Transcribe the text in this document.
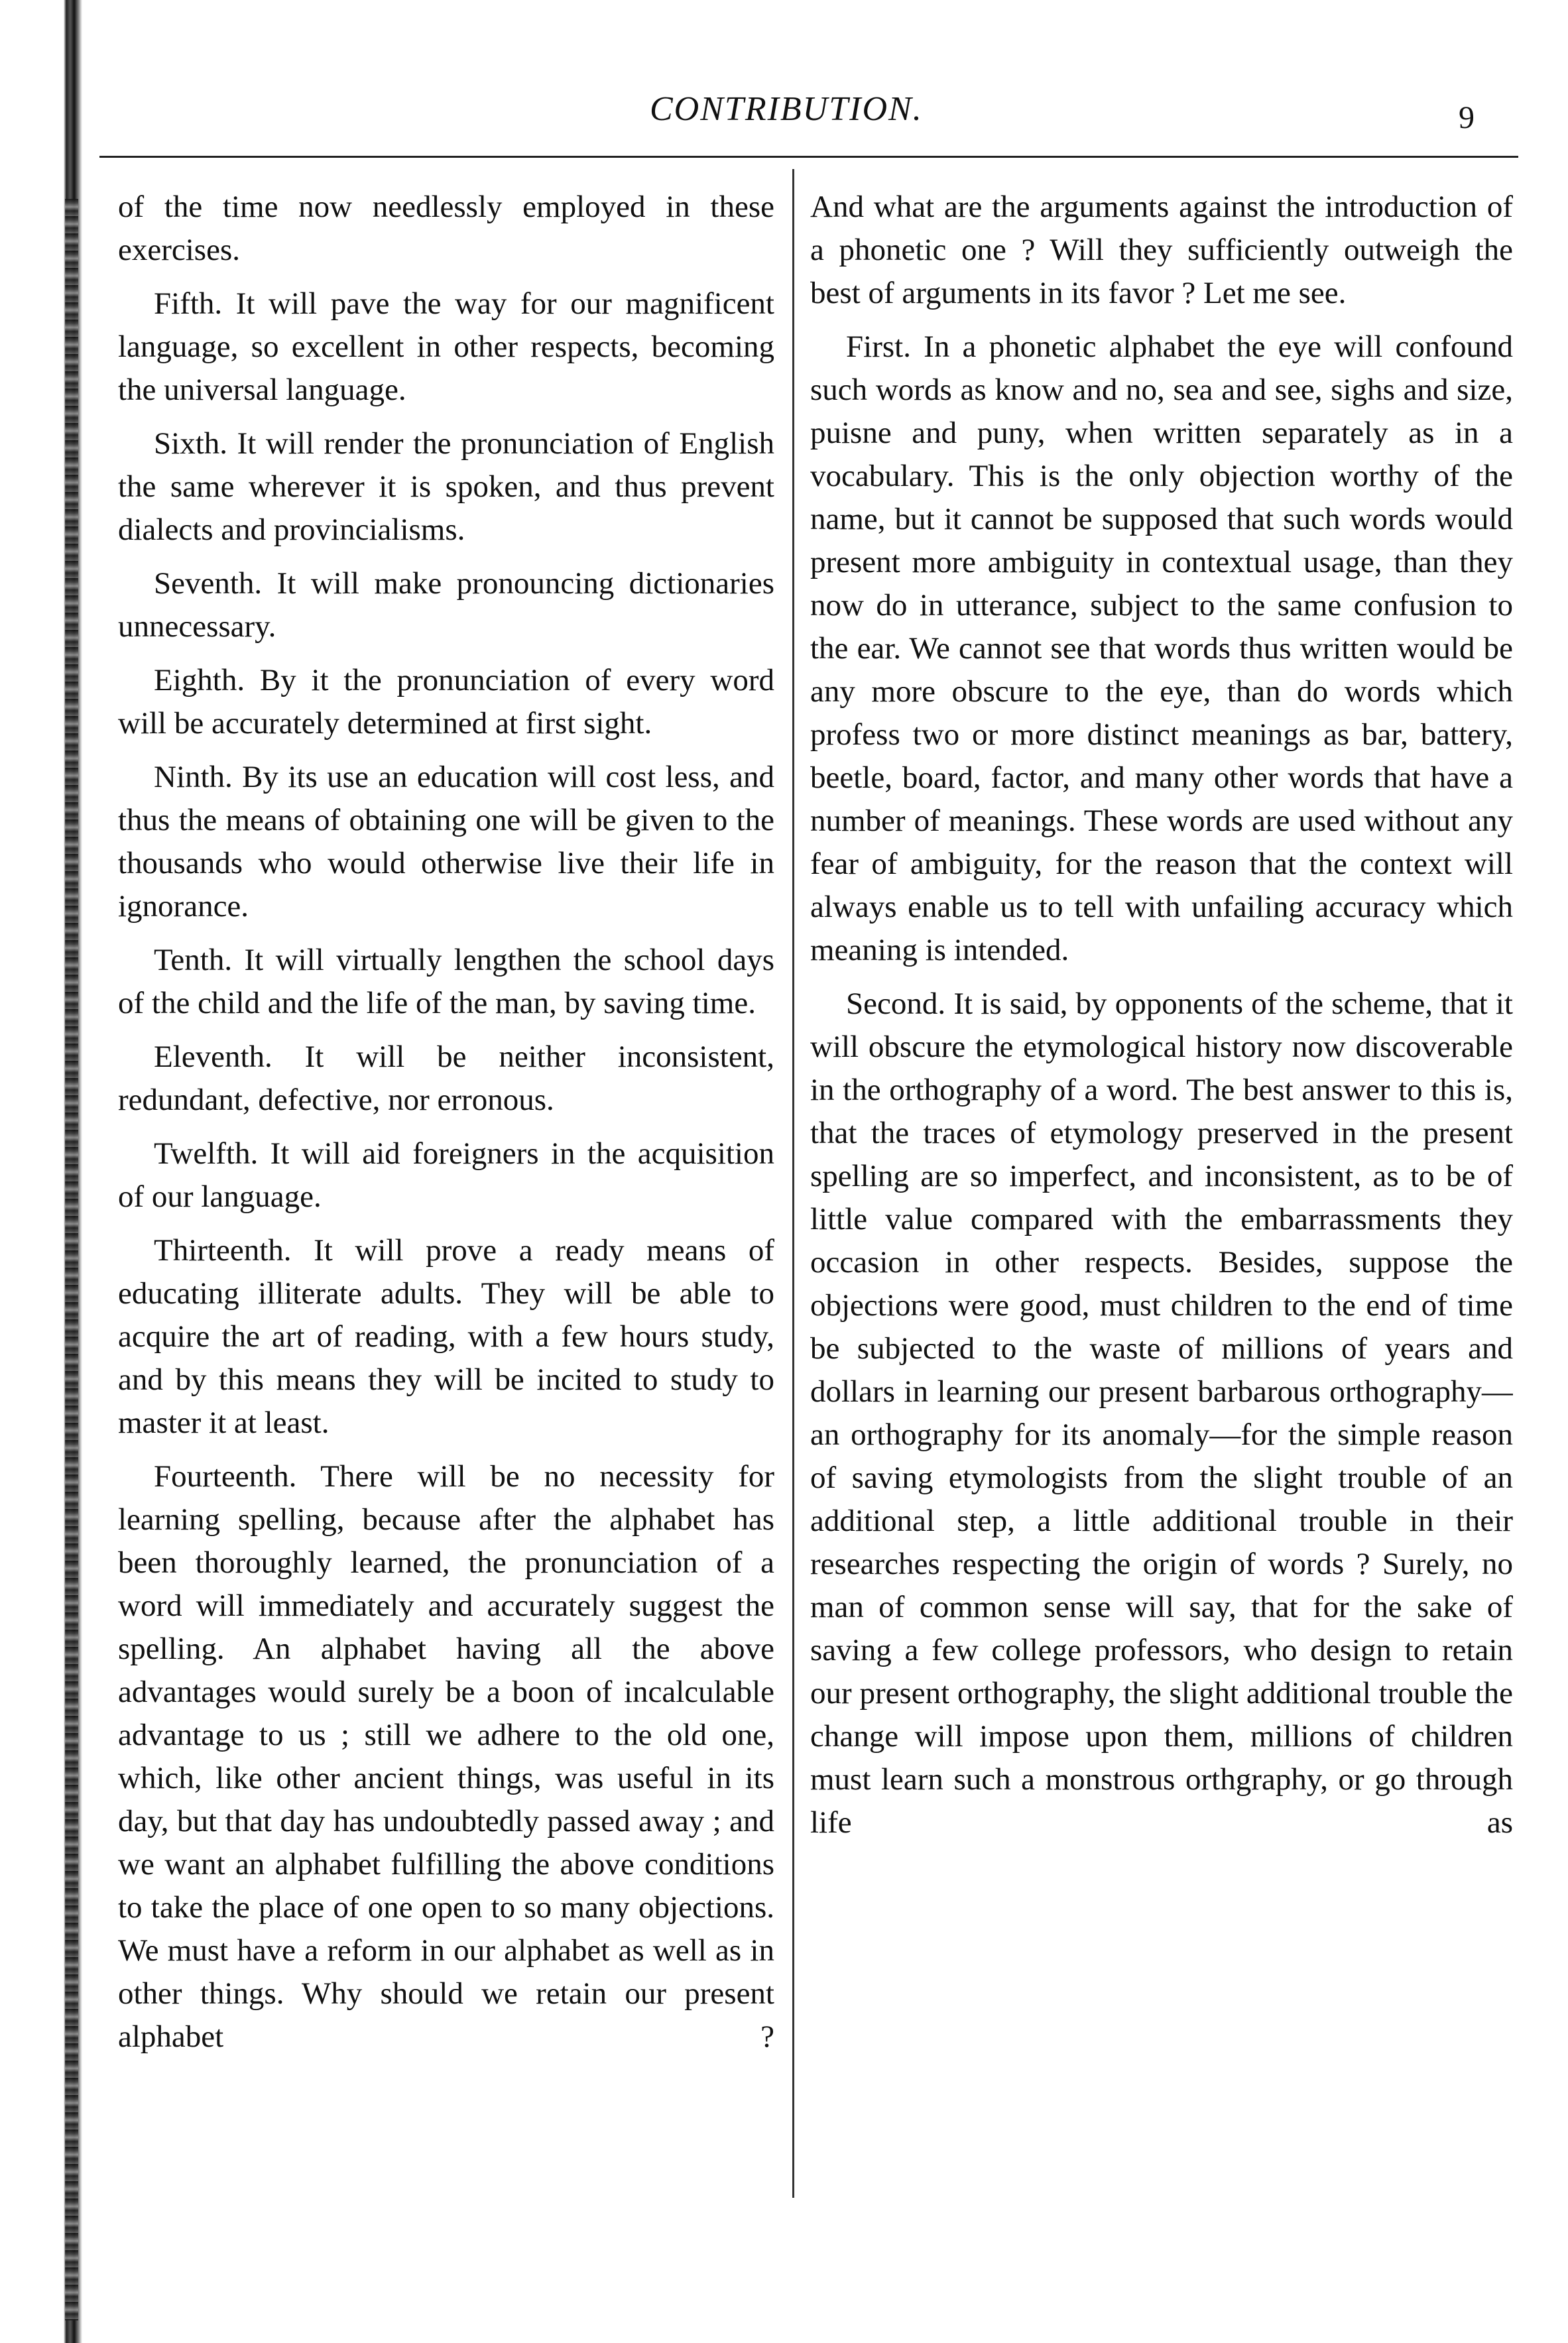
CONTRIBUTION.	9

of the time now needlessly employed in these exercises.

Fifth. It will pave the way for our magnificent language, so excellent in other respects, becoming the universal language.

Sixth. It will render the pronunciation of English the same wherever it is spoken, and thus prevent dialects and provincialisms.

Seventh. It will make pronouncing dictionaries unnecessary.

Eighth. By it the pronunciation of every word will be accurately determined at first sight.

Ninth. By its use an education will cost less, and thus the means of obtaining one will be given to the thousands who would otherwise live their life in ignorance.

Tenth. It will virtually lengthen the school days of the child and the life of the man, by saving time.

Eleventh. It will be neither inconsistent, redundant, defective, nor erronous.

Twelfth. It will aid foreigners in the acquisition of our language.

Thirteenth. It will prove a ready means of educating illiterate adults. They will be able to acquire the art of reading, with a few hours study, and by this means they will be incited to study to master it at least.

Fourteenth. There will be no necessity for learning spelling, because after the alphabet has been thoroughly learned, the pronunciation of a word will immediately and accurately suggest the spelling. An alphabet having all the above advantages would surely be a boon of incalculable advantage to us ; still we adhere to the old one, which, like other ancient things, was useful in its day, but that day has undoubtedly passed away ; and we want an alphabet fulfilling the above conditions to take the place of one open to so many objections. We must have a reform in our alphabet as well as in other things. Why should we retain our present alphabet ?

And what are the arguments against the introduction of a phonetic one ? Will they sufficiently outweigh the best of arguments in its favor ? Let me see.

First. In a phonetic alphabet the eye will confound such words as know and no, sea and see, sighs and size, puisne and puny, when written separately as in a vocabulary. This is the only objection worthy of the name, but it cannot be supposed that such words would present more ambiguity in contextual usage, than they now do in utterance, subject to the same confusion to the ear. We cannot see that words thus written would be any more obscure to the eye, than do words which profess two or more distinct meanings as bar, battery, beetle, board, factor, and many other words that have a number of meanings. These words are used without any fear of ambiguity, for the reason that the context will always enable us to tell with unfailing accuracy which meaning is intended.

Second. It is said, by opponents of the scheme, that it will obscure the etymological history now discoverable in the orthography of a word. The best answer to this is, that the traces of etymology preserved in the present spelling are so imperfect, and inconsistent, as to be of little value compared with the embarrassments they occasion in other respects. Besides, suppose the objections were good, must children to the end of time be subjected to the waste of millions of years and dollars in learning our present barbarous orthography—an orthography for its anomaly—for the simple reason of saving etymologists from the slight trouble of an additional step, a little additional trouble in their researches respecting the origin of words ? Surely, no man of common sense will say, that for the sake of saving a few college professors, who design to retain our present orthography, the slight additional trouble the change will impose upon them, millions of children must learn such a monstrous orthgraphy, or go through life as
